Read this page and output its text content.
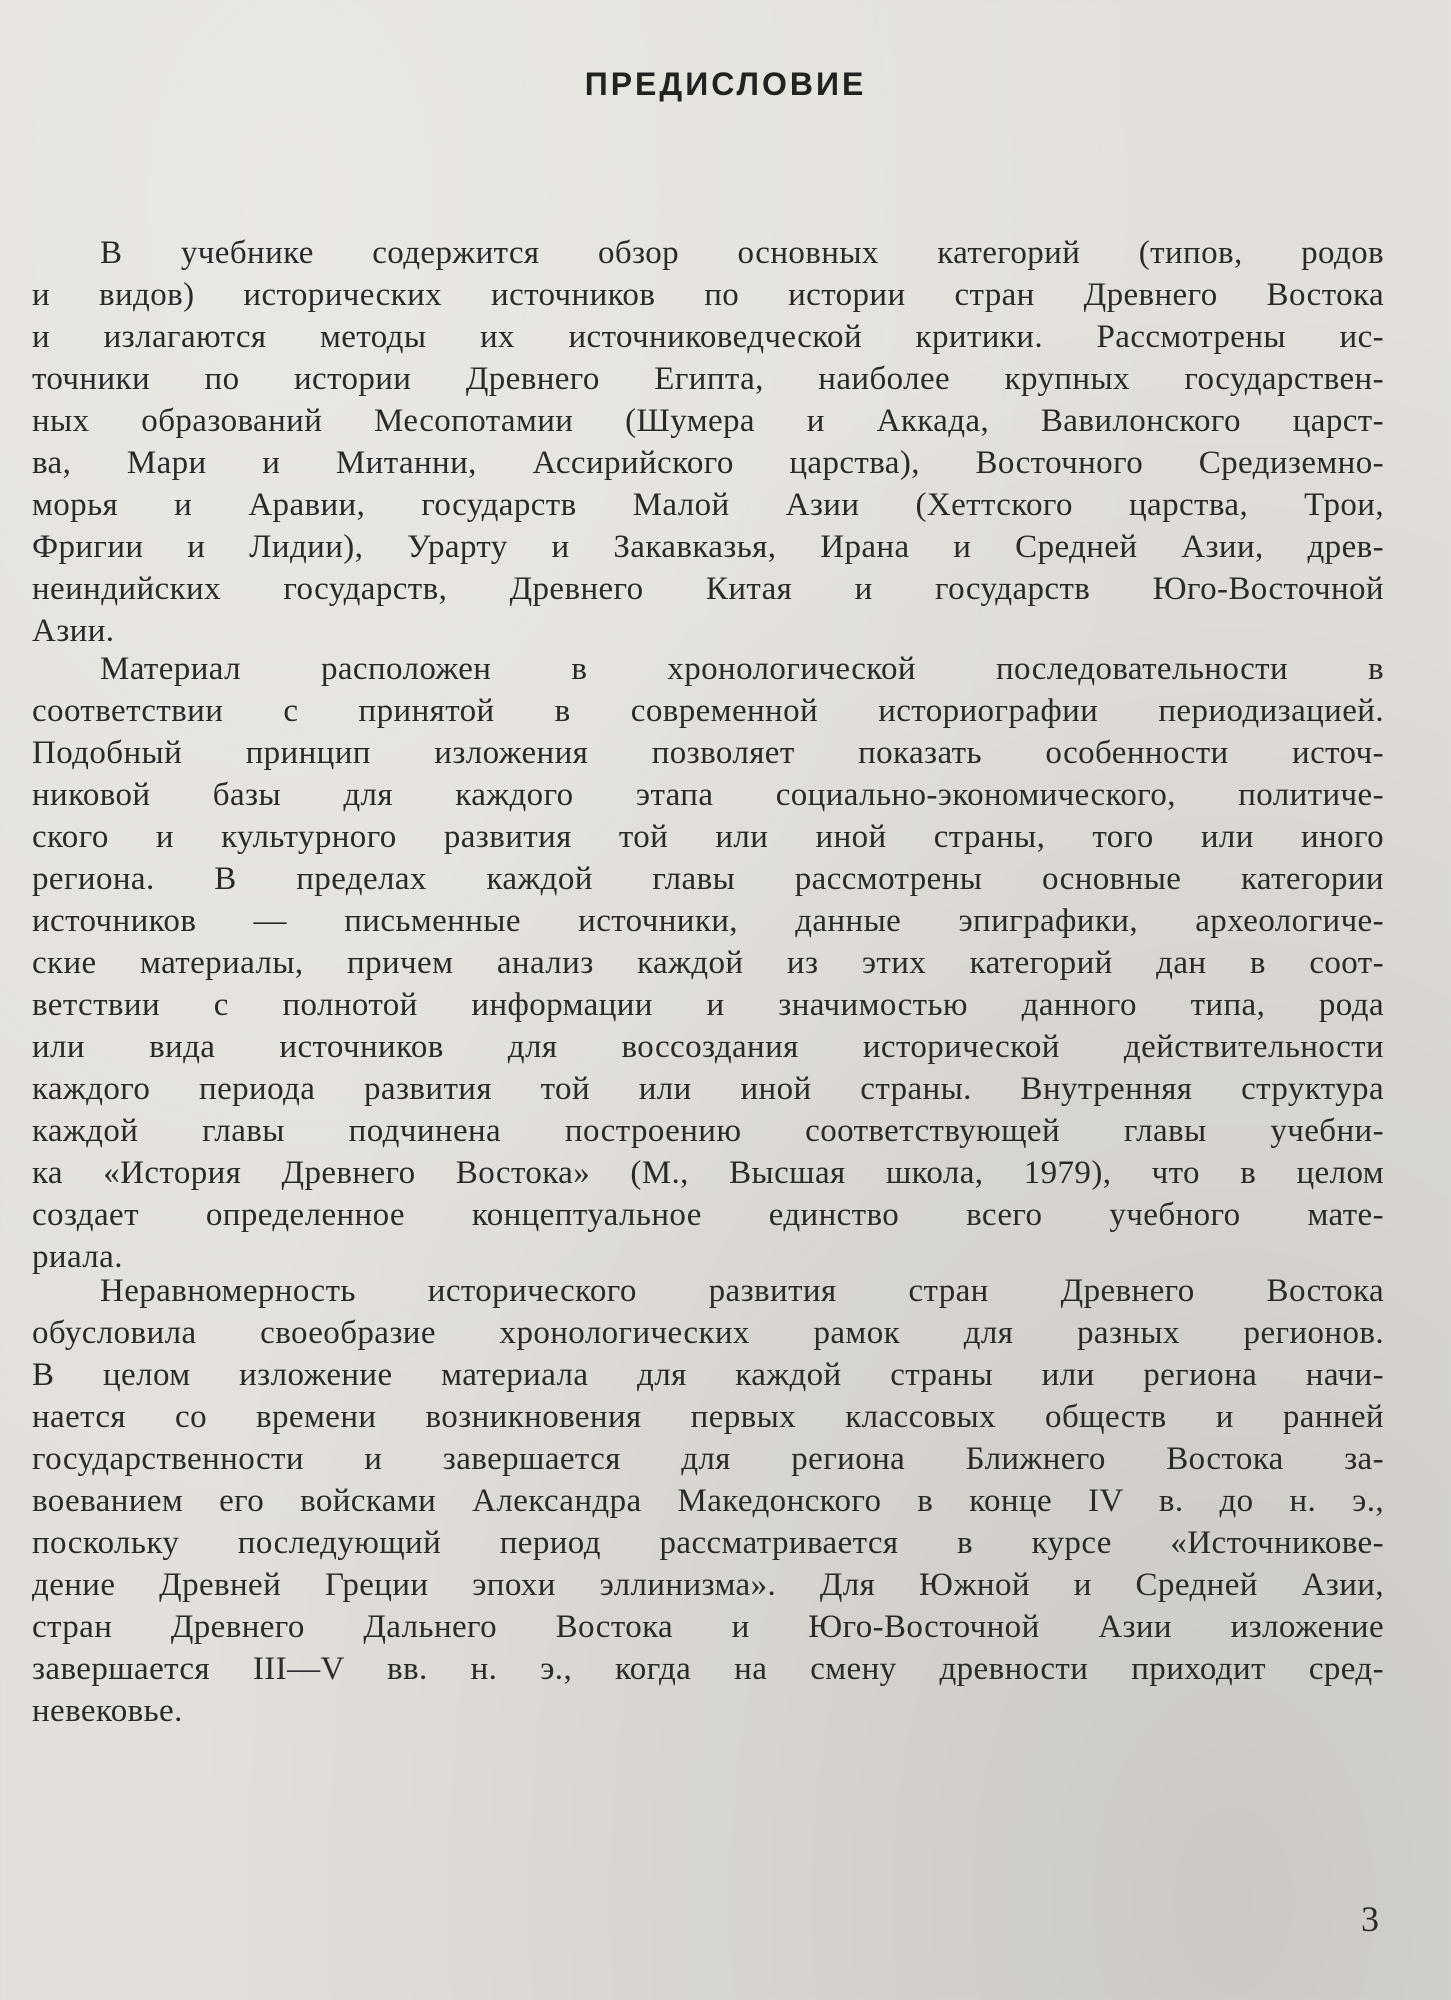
ПРЕДИСЛОВИЕ
В учебнике содержится обзор основных категорий (типов, родов
и видов) исторических источников по истории стран Древнего Востока
и излагаются методы их источниковедческой критики. Рассмотрены ис-
точники по истории Древнего Египта, наиболее крупных государствен-
ных образований Месопотамии (Шумера и Аккада, Вавилонского царст-
ва, Мари и Митанни, Ассирийского царства), Восточного Средиземно-
морья и Аравии, государств Малой Азии (Хеттского царства, Трои,
Фригии и Лидии), Урарту и Закавказья, Ирана и Средней Азии, древ-
неиндийских государств, Древнего Китая и государств Юго-Восточной
Азии.
Материал расположен в хронологической последовательности в
соответствии с принятой в современной историографии периодизацией.
Подобный принцип изложения позволяет показать особенности источ-
никовой базы для каждого этапа социально-экономического, политиче-
ского и культурного развития той или иной страны, того или иного
региона. В пределах каждой главы рассмотрены основные категории
источников — письменные источники, данные эпиграфики, археологиче-
ские материалы, причем анализ каждой из этих категорий дан в соот-
ветствии с полнотой информации и значимостью данного типа, рода
или вида источников для воссоздания исторической действительности
каждого периода развития той или иной страны. Внутренняя структура
каждой главы подчинена построению соответствующей главы учебни-
ка «История Древнего Востока» (М., Высшая школа, 1979), что в целом
создает определенное концептуальное единство всего учебного мате-
риала.
Неравномерность исторического развития стран Древнего Востока
обусловила своеобразие хронологических рамок для разных регионов.
В целом изложение материала для каждой страны или региона начи-
нается со времени возникновения первых классовых обществ и ранней
государственности и завершается для региона Ближнего Востока за-
воеванием его войсками Александра Македонского в конце IV в. до н. э.,
поскольку последующий период рассматривается в курсе «Источникове-
дение Древней Греции эпохи эллинизма». Для Южной и Средней Азии,
стран Древнего Дальнего Востока и Юго-Восточной Азии изложение
завершается III—V вв. н. э., когда на смену древности приходит сред-
невековье.
3
